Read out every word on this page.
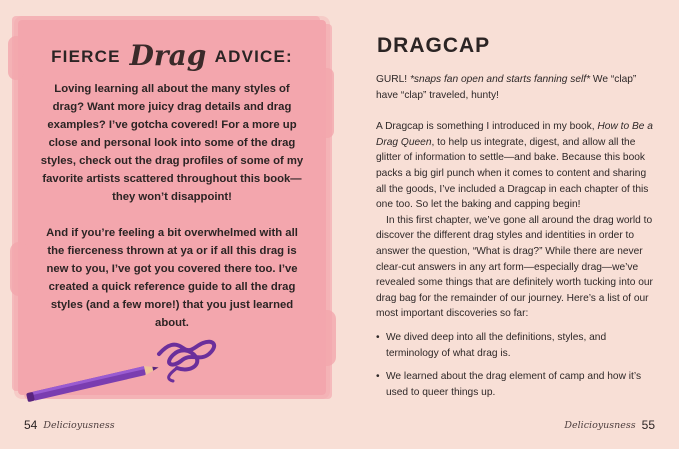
FIERCE Drag ADVICE:

Loving learning all about the many styles of drag? Want more juicy drag details and drag examples? I’ve gotcha covered! For a more up close and personal look into some of the drag styles, check out the drag profiles of some of my favorite artists scattered throughout this book—they won’t disappoint!

And if you’re feeling a bit overwhelmed with all the fierceness thrown at ya or if all this drag is new to you, I’ve got you covered there too. I’ve created a quick reference guide to all the drag styles (and a few more!) that you just learned about.

54 Delicioyusness
DRAGCAP

GURL! *snaps fan open and starts fanning self* We “clap” have “clap” traveled, hunty!

A Dragcap is something I introduced in my book, How to Be a Drag Queen, to help us integrate, digest, and allow all the glitter of information to settle—and bake. Because this book packs a big girl punch when it comes to content and sharing all the goods, I’ve included a Dragcap in each chapter of this one too. So let the baking and capping begin!

In this first chapter, we’ve gone all around the drag world to discover the different drag styles and identities in order to answer the question, “What is drag?” While there are never clear-cut answers in any art form—especially drag—we’ve revealed some things that are definitely worth tucking into our drag bag for the remainder of our journey. Here’s a list of our most important discoveries so far:

• We dived deep into all the definitions, styles, and terminology of what drag is.
• We learned about the drag element of camp and how it’s used to queer things up.
Delicioyusness 55
